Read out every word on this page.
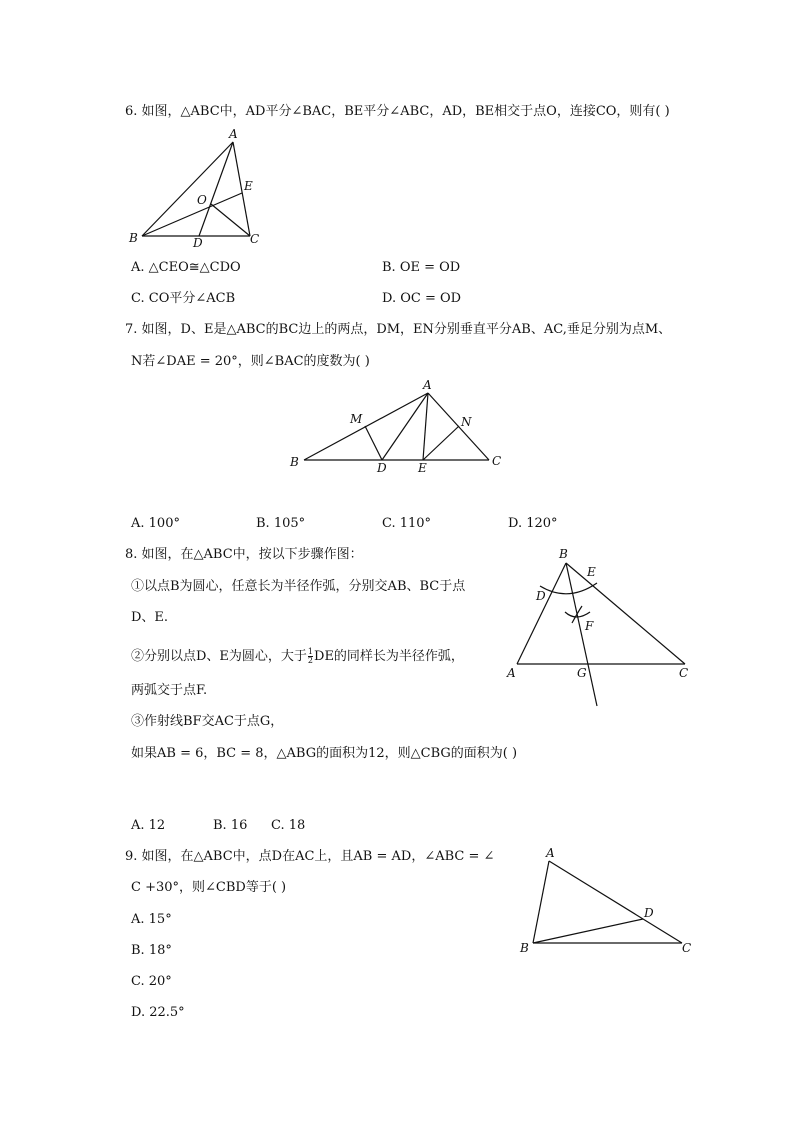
6. 如图，△ABC中，AD平分∠BAC，BE平分∠ABC，AD，BE相交于点O，连接CO，则有( )
A
B	C
D
E
O
A. △CEO≅△CDO	B. OE = OD
C. CO平分∠ACB	D. OC = OD
7. 如图，D、E是△ABC的BC边上的两点，DM，EN分别垂直平分AB、AC,垂足分别为点M、
N若∠DAE = 20°，则∠BAC的度数为( )
A
B	C
D	E
M	N
A. 100°	B. 105°	C. 110°	D. 120°
8. 如图，在△ABC中，按以下步骤作图：
①以点B为圆心，任意长为半径作弧，分别交AB、BC于点
D、E.
②分别以点D、E为圆心，大于 $\frac{1}{2}$ DE的同样长为半径作弧，
两弧交于点F.
③作射线BF交AC于点G，
如果AB = 6，BC = 8，△ABG的面积为12，则△CBG的面积为( )
B
E
D
F
A	G	C
A. 12	B. 16 C. 18
9. 如图，在△ABC中，点D在AC上，且AB = AD，∠ABC = ∠
C +30°，则∠CBD等于( )
A
B	C
D
A. 15°
B. 18°
C. 20°
D. 22.5°
